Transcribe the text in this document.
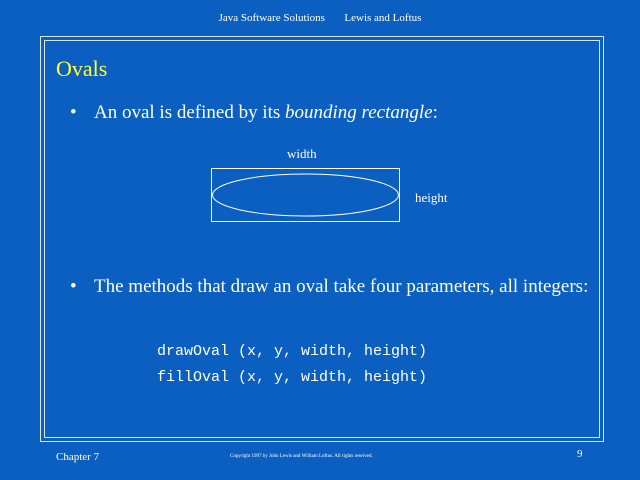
Java Software Solutions Lewis and Loftus
Ovals
• An oval is defined by its bounding rectangle:
width
height
• The methods that draw an oval take four parameters, all integers:
drawOval (x, y, width, height)
fillOval (x, y, width, height)
Chapter 7	Copyright 1997 by John Lewis and William Loftus. All rights reserved.	9
